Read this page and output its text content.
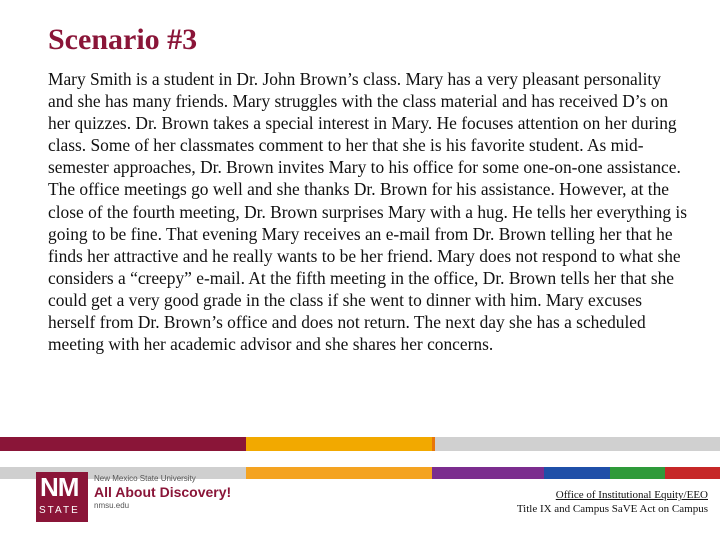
Scenario #3

Mary Smith is a student in Dr. John Brown’s class. Mary has a very pleasant personality and she has many friends. Mary struggles with the class material and has received D’s on her quizzes. Dr. Brown takes a special interest in Mary. He focuses attention on her during class. Some of her classmates comment to her that she is his favorite student. As mid-semester approaches, Dr. Brown invites Mary to his office for some one-on-one assistance. The office meetings go well and she thanks Dr. Brown for his assistance. However, at the close of the fourth meeting, Dr. Brown surprises Mary with a hug. He tells her everything is going to be fine. That evening Mary receives an e-mail from Dr. Brown telling her that he finds her attractive and he really wants to be her friend. Mary does not respond to what she considers a “creepy” e-mail. At the fifth meeting in the office, Dr. Brown tells her that she could get a very good grade in the class if she went to dinner with him. Mary excuses herself from Dr. Brown’s office and does not return. The next day she has a scheduled meeting with her academic advisor and she shares her concerns.

NM
STATE
New Mexico State University
All About Discovery!
nmsu.edu
Office of Institutional Equity/EEO
Title IX and Campus SaVE Act on Campus
